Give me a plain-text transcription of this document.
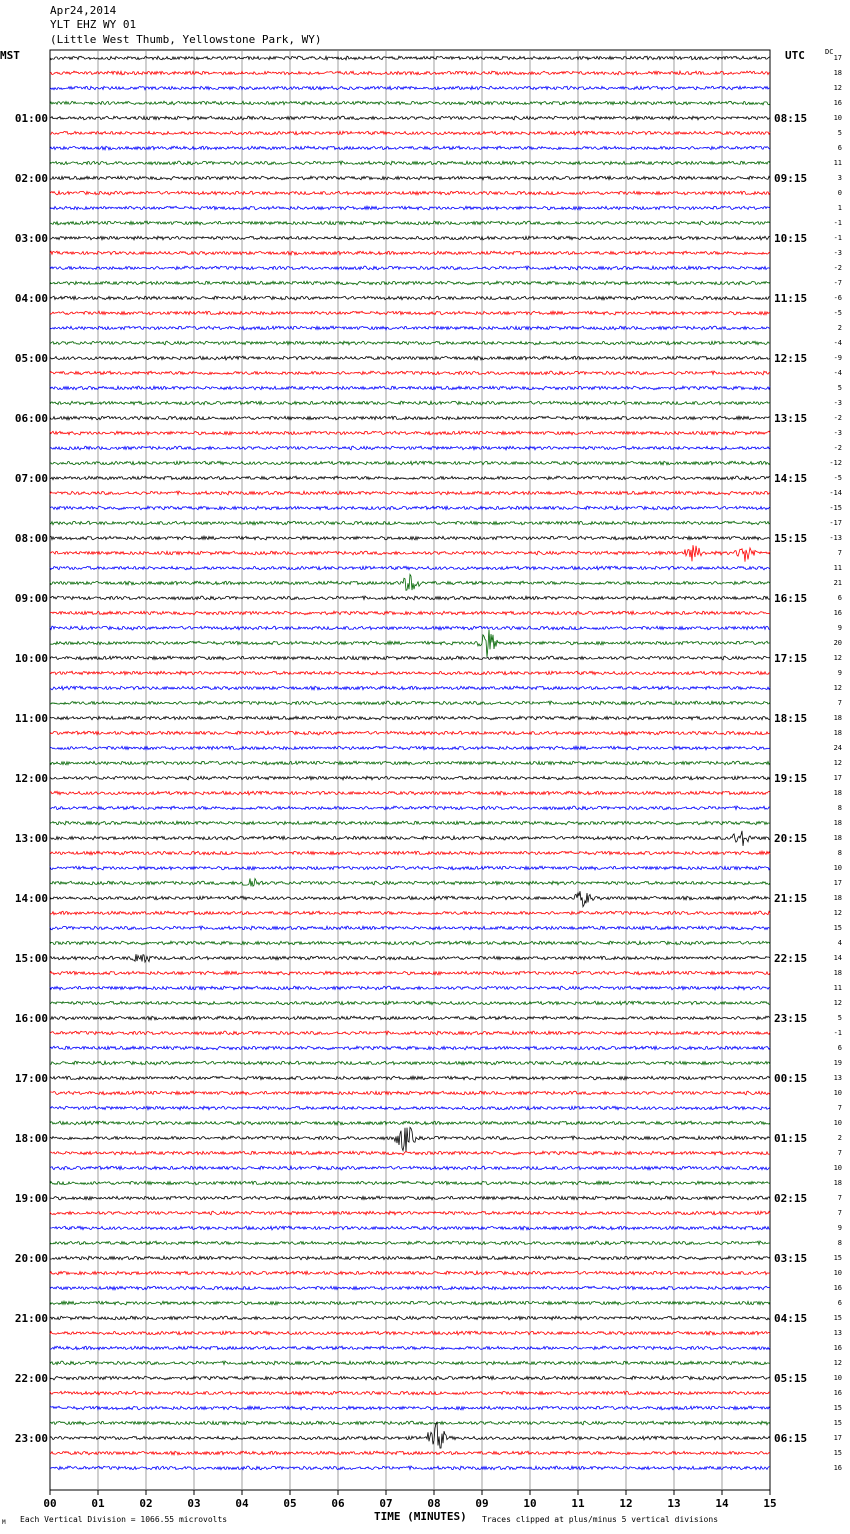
Apr24,2014
YLT EHZ WY 01
(Little West Thumb, Yellowstone Park, WY)
MST	UTC	DC
17
18
12
16
10
5
6
11
3
0
1
-1
-1
-3
-2
-7
-6
-5
2
-4
-9
-4
5
-3
-2
-3
-2
-12
-5
-14
-15
-17
-13
7
11
21
6
16
9
20
12
9
12
7
18
18
24
12
17
18
8
18
18
8
10
17
18
12
15
4
14
18
11
12
5
-1
6
19
13
10
7
10
2
7
10
18
7
7
9
8
15
10
16
6
15
13
16
12
10
16
15
15
17
15
16
01:00
02:00
03:00
04:00
05:00
06:00
07:00
08:00
09:00
10:00
11:00
12:00
13:00
14:00
15:00
16:00
17:00
18:00
19:00
20:00
21:00
22:00
23:00
08:15
09:15
10:15
11:15
12:15
13:15
14:15
15:15
16:15
17:15
18:15
19:15
20:15
21:15
22:15
23:15
00:15
01:15
02:15
03:15
04:15
05:15
06:15
00	01	02	03	04	05	06	07	08	09	10	11	12	13	14	15
TIME (MINUTES)
M Each Vertical Division = 1066.55 microvolts	Traces clipped at plus/minus 5 vertical divisions
